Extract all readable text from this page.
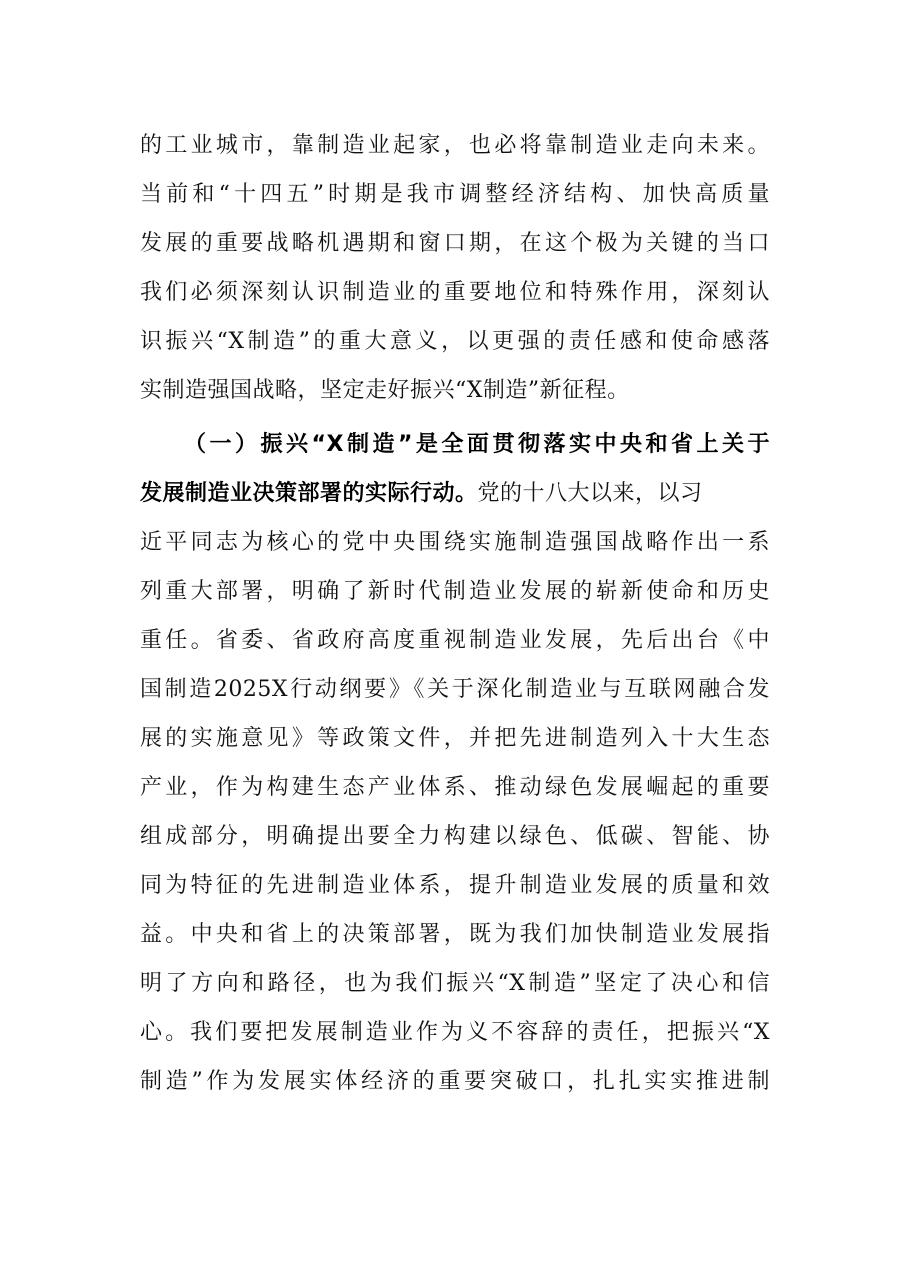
的工业城市，靠制造业起家，也必将靠制造业走向未来。
当前和“十四五”时期是我市调整经济结构、加快高质量
发展的重要战略机遇期和窗口期，在这个极为关键的当口
我们必须深刻认识制造业的重要地位和特殊作用，深刻认
识振兴“X制造”的重大意义，以更强的责任感和使命感落
实制造强国战略，坚定走好振兴“X制造”新征程。
（一）振兴“X制造”是全面贯彻落实中央和省上关于
发展制造业决策部署的实际行动。党的十八大以来，以习
近平同志为核心的党中央围绕实施制造强国战略作出一系
列重大部署，明确了新时代制造业发展的崭新使命和历史
重任。省委、省政府高度重视制造业发展，先后出台《中
国制造2025X行动纲要》《关于深化制造业与互联网融合发
展的实施意见》等政策文件，并把先进制造列入十大生态
产业，作为构建生态产业体系、推动绿色发展崛起的重要
组成部分，明确提出要全力构建以绿色、低碳、智能、协
同为特征的先进制造业体系，提升制造业发展的质量和效
益。中央和省上的决策部署，既为我们加快制造业发展指
明了方向和路径，也为我们振兴“X制造”坚定了决心和信
心。我们要把发展制造业作为义不容辞的责任，把振兴“X
制造”作为发展实体经济的重要突破口，扎扎实实推进制
